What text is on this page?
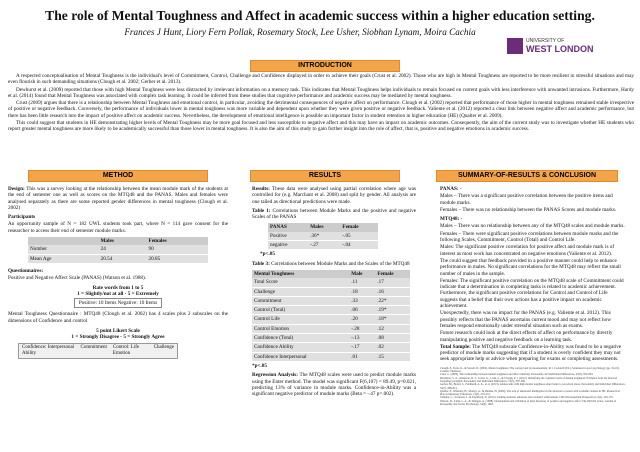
The role of Mental Toughness and Affect in academic success within a higher education setting.
Frances J Hunt, Liory Fern Pollak, Rosemary Stock, Lee Usher, Siobhan Lynam, Moira Cachia
UNIVERSITY OF
WEST LONDON
INTRODUCTION

A respected conceptualisation of Mental Toughness is the individual's level of Commitment, Control, Challenge and Confidence displayed in order to achieve their goals (Crust et al. 2002). Those who are high in Mental Toughness are reported to be more resilient in stressful situations and may even flourish in such demanding situations (Clough et al. 2002; Gerber et al. 2013).

Dewhurst et al. (2009) reported that those with high Mental Toughness were less distracted by irrelevant information on a memory task. This indicates that Mental Toughness helps individuals to remain focused on current goals with less interference with unwanted intrusions. Furthermore, Hardy et al. (2014) found that Mental Toughness was associated with complex task learning. It could be inferred from these studies that cognitive performance and academic success may be mediated by mental toughness.

Crust (2009) argues that there is a relationship between Mental Toughness and emotional control, in particular, avoiding the detrimental consequences of negative affect on performance. Clough et al. (2002) reported that performance of those higher in mental toughness remained stable irrespective of positive or negative feedback. Conversely, the performance of individuals lower in mental toughness was more variable and dependent upon whether they were given positive or negative feedback. Valiente et al. (2012) reported a clear link between negative affect and academic performance, but there has been little research into the impact of positive affect on academic success. Nevertheless, the development of emotional intelligence is possible an important factor in student retention in higher education (HE) (Qualter et al. 2009).

This could suggest that students in HE demonstrating higher levels of Mental Toughness may be more goal focused and less susceptible to negative affect and this may have an impact on academic outcomes. Consequently, the aim of the current study was to investigate whether HE students who report greater mental toughness are more likely to be academically successful than those lower in mental toughness. It is also the aim of this study to gain further insight into the role of affect, that is, positive and negative emotions in academic success.

METHOD	RESULTS	SUMMARY-OF-RESULTS & CONCLUSION

Design: This was a survey looking at the relationship between the mean module mark of the students at the end of semester one as well as scores on the MTQ48 and the PANAS. Males and females were analysed separately as there are some reported gender differences in mental toughness (Clough et al. 2002)

Participants

An opportunity sample of N = 182 UWL students took part, where N = 114 gave consent for the researcher to access their end of semester module marks.

	Males	Females
Number	24	90
Mean Age	20.54	20.85

Questionnaires:

Positive and Negative Affect Scale (PANAS) (Watson et al. 1988).

Rate words from 1 to 5
1 = Slightly/not at all - 5 = Extremely
Positive: 10 Items Negative: 10 Items

Mental Toughness Questionnaire : MTQ48 (Clough et al. 2002) has 4 scales plus 2 subscales on the dimensions of Confidence and control

5 point Likert Scale
1 = Strongly Disagree - 5 = Strongly Agree
Confidence: Interpersonal Ability	Commitment	Control: Life Emotion	Challenge

Results: These data were analysed using partial correlation where age was controlled for (e.g. Marchant et al. 2008) and split by gender. All analysis are one tailed as directional predictions were made.

Table 1: Correlations between Module Marks and the positive and negative Scales of the PANAS

PANAS	Males	Female
Positive	.36*	-.05
negative	-.27	-.04

*p<.05

Table 3: Correlations between Module Marks and the Scales of the MTQ48

Mental Toughness	Male	Female
Total Score	.11	.17
Challenge	.18	.16
Commitment	.33	.22*
Control (Total)	.06	.19*
Control Life	.20	.18*
Control Emotion	-.28	.12
Confidence (Total)	-.13	.08
Confidence Ability	-.17	.02
Confidence Interpersonal	.01	.15

*p<.05

Regression Analysis: The MTQ48 scales were used to predict module marks using the Enter method. The model was significant F(6,107) = 89.49, p=0.021, predicting 13% of variance in module marks. Confidence-in-Ability was a significant negative predictor of module marks (Beta = -.47 p=.002).

PANAS: -

Males – There was a significant positive correlation between the positive items and module marks.

Females – There was no relationship between the PANAS Scores and module marks.

MTQ48: -

Males – There was no relationship between any of the MTQ48 scales and module marks.

Females – There were significant positive correlations between module marks and the following Scales, Commitment, Control (Total) and Control Life.

Males: The significant positive correlation for positive affect and module mark is of interest as most work has concentrated on negative emotions (Valiente et al. 2012).

The could suggest that feedback provided in a positive manner could help to enhance performance in males. No significant correlations for the MTQ48 may reflect the small number of males in the sample.

Females: The significant positive correlation on the MTQ48 scale of Commitment could indicate that a determination in completing tasks is related to academic achievement. Furthermore, the significant positive correlations for Control and Control of Life suggests that a belief that their own actions has a positive impact on academic achievement.

Unexpectedly, there was no impact for the PANAS (e.g. Valiente et al. 2012). This possibly reflects that the PANAS ascertains current mood and may not reflect how females respond emotionally under stressful situation such as exams.

Future research could look at the direct effects of affect on performance by directly manipulating positive and negative feedback on a learning task.

Total Sample: The MTQ48 subscale Confidence-in-Ability was found to be a negative predictor of module marks suggesting that if a student is overly confident they may not seek appropriate help or advice when preparing for exams or completing assessments.

Clough, P., Earle, K., & Sewell, D. (2002). Mental toughness: The concept and its measurement. In I. Cockerill (Ed.), Solutions in sport psychology (pp. 32-43). London: Thomson.
Crust, L. (2009). The relationship between mental toughness and affect intensity. Personality and Individual Differences, 47(8), 959-963.
Dewhurst, S. A., Anderson, R. J., Cotter, G., Crust, L., & Clough, P. J. (2012). Identifying the cognitive basis of mental toughness: Evidence from the directed forgetting paradigm. Personality and Individual Differences, 53(5), 587-590.
Gerber, M., Brand, S., Feldmeth, A. K., et al. (2013). Adolescents with high mental toughness adapt better to perceived stress. Personality and Individual Differences, 54(7), 808-814.
Qualter, P., Whiteley, H., Morley, A., & Dudiak, H. (2009). The role of emotional intelligence in the decision to persist with academic studies in HE. Research in Post-Compulsory Education, 14(3), 219-231.
Valiente, C., Swanson, J., & Eisenberg, N. (2012). Linking students' emotions and academic achievement. Child Development Perspectives, 6(2), 129-135.
Watson, D., Clark, L. A., & Tellegen, A. (1988). Development and validation of brief measures of positive and negative affect: The PANAS scales. Journal of Personality and Social Psychology, 54(6), 1063.
